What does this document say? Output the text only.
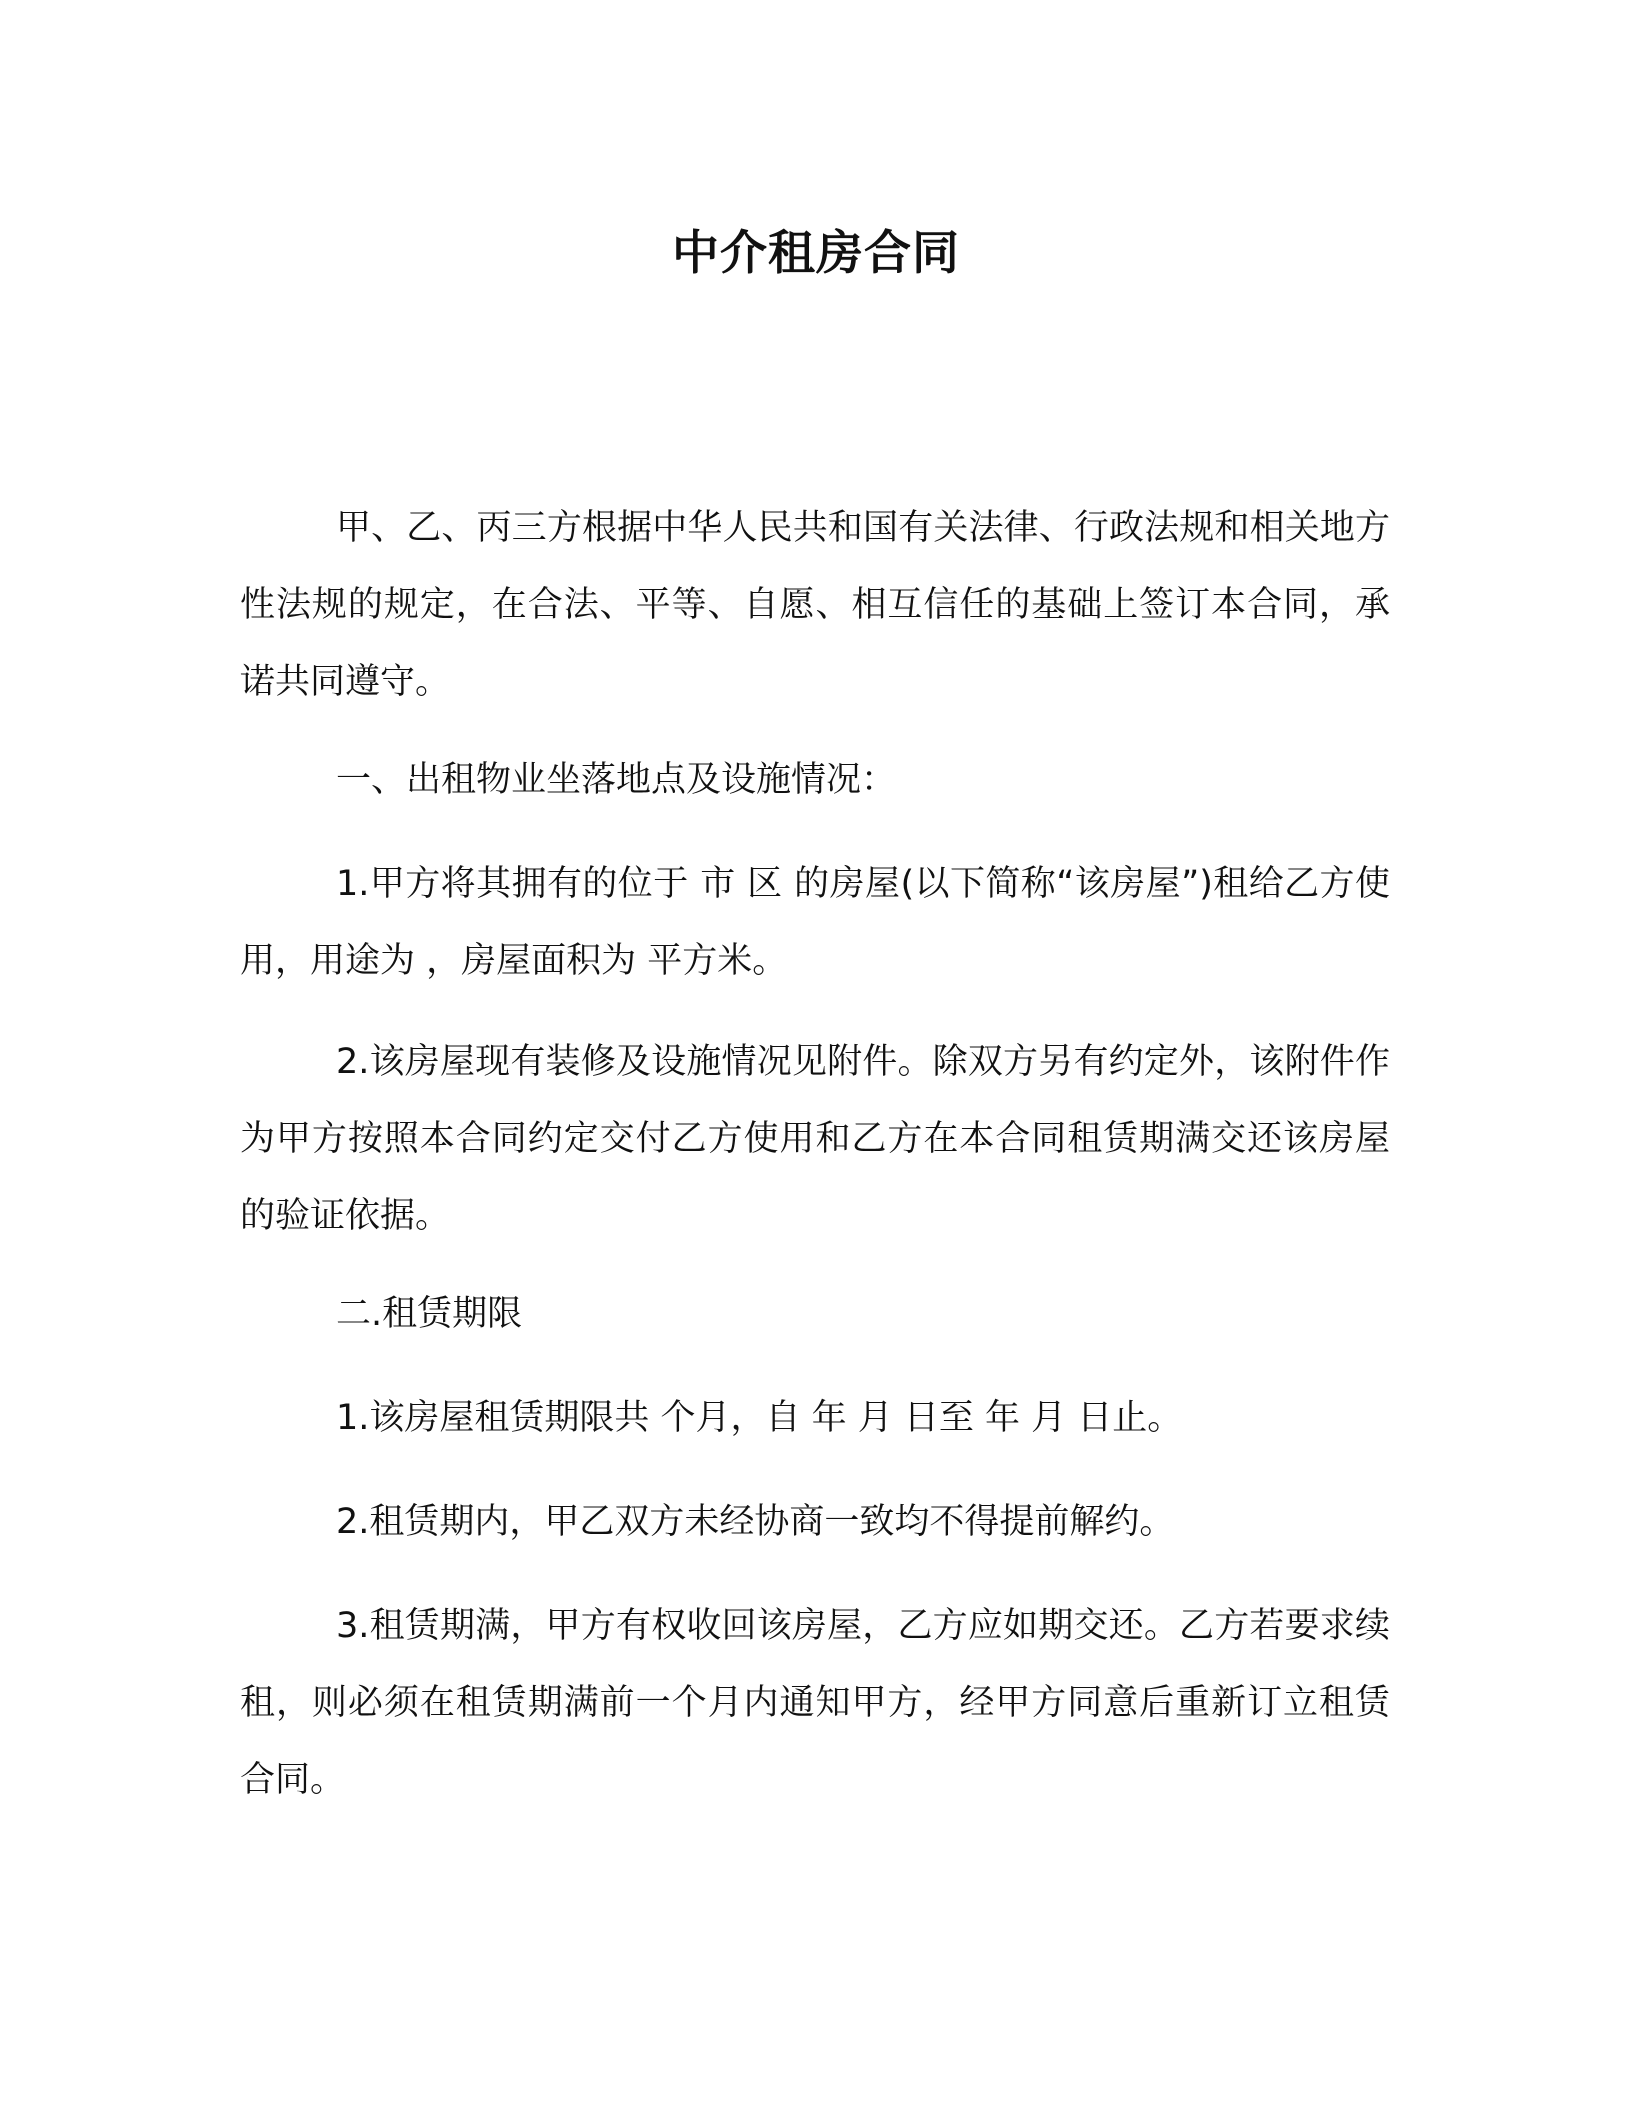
中介租房合同

甲、乙、丙三方根据中华人民共和国有关法律、行政法规和相关地方性法规的规定，在合法、平等、自愿、相互信任的基础上签订本合同，承诺共同遵守。

一、出租物业坐落地点及设施情况：

1.甲方将其拥有的位于 市 区 的房屋(以下简称“该房屋”)租给乙方使用，用途为 ，房屋面积为 平方米。

2.该房屋现有装修及设施情况见附件。除双方另有约定外，该附件作为甲方按照本合同约定交付乙方使用和乙方在本合同租赁期满交还该房屋的验证依据。

二.租赁期限

1.该房屋租赁期限共 个月，自 年 月 日至 年 月 日止。

2.租赁期内，甲乙双方未经协商一致均不得提前解约。

3.租赁期满，甲方有权收回该房屋，乙方应如期交还。乙方若要求续租，则必须在租赁期满前一个月内通知甲方，经甲方同意后重新订立租赁合同。
